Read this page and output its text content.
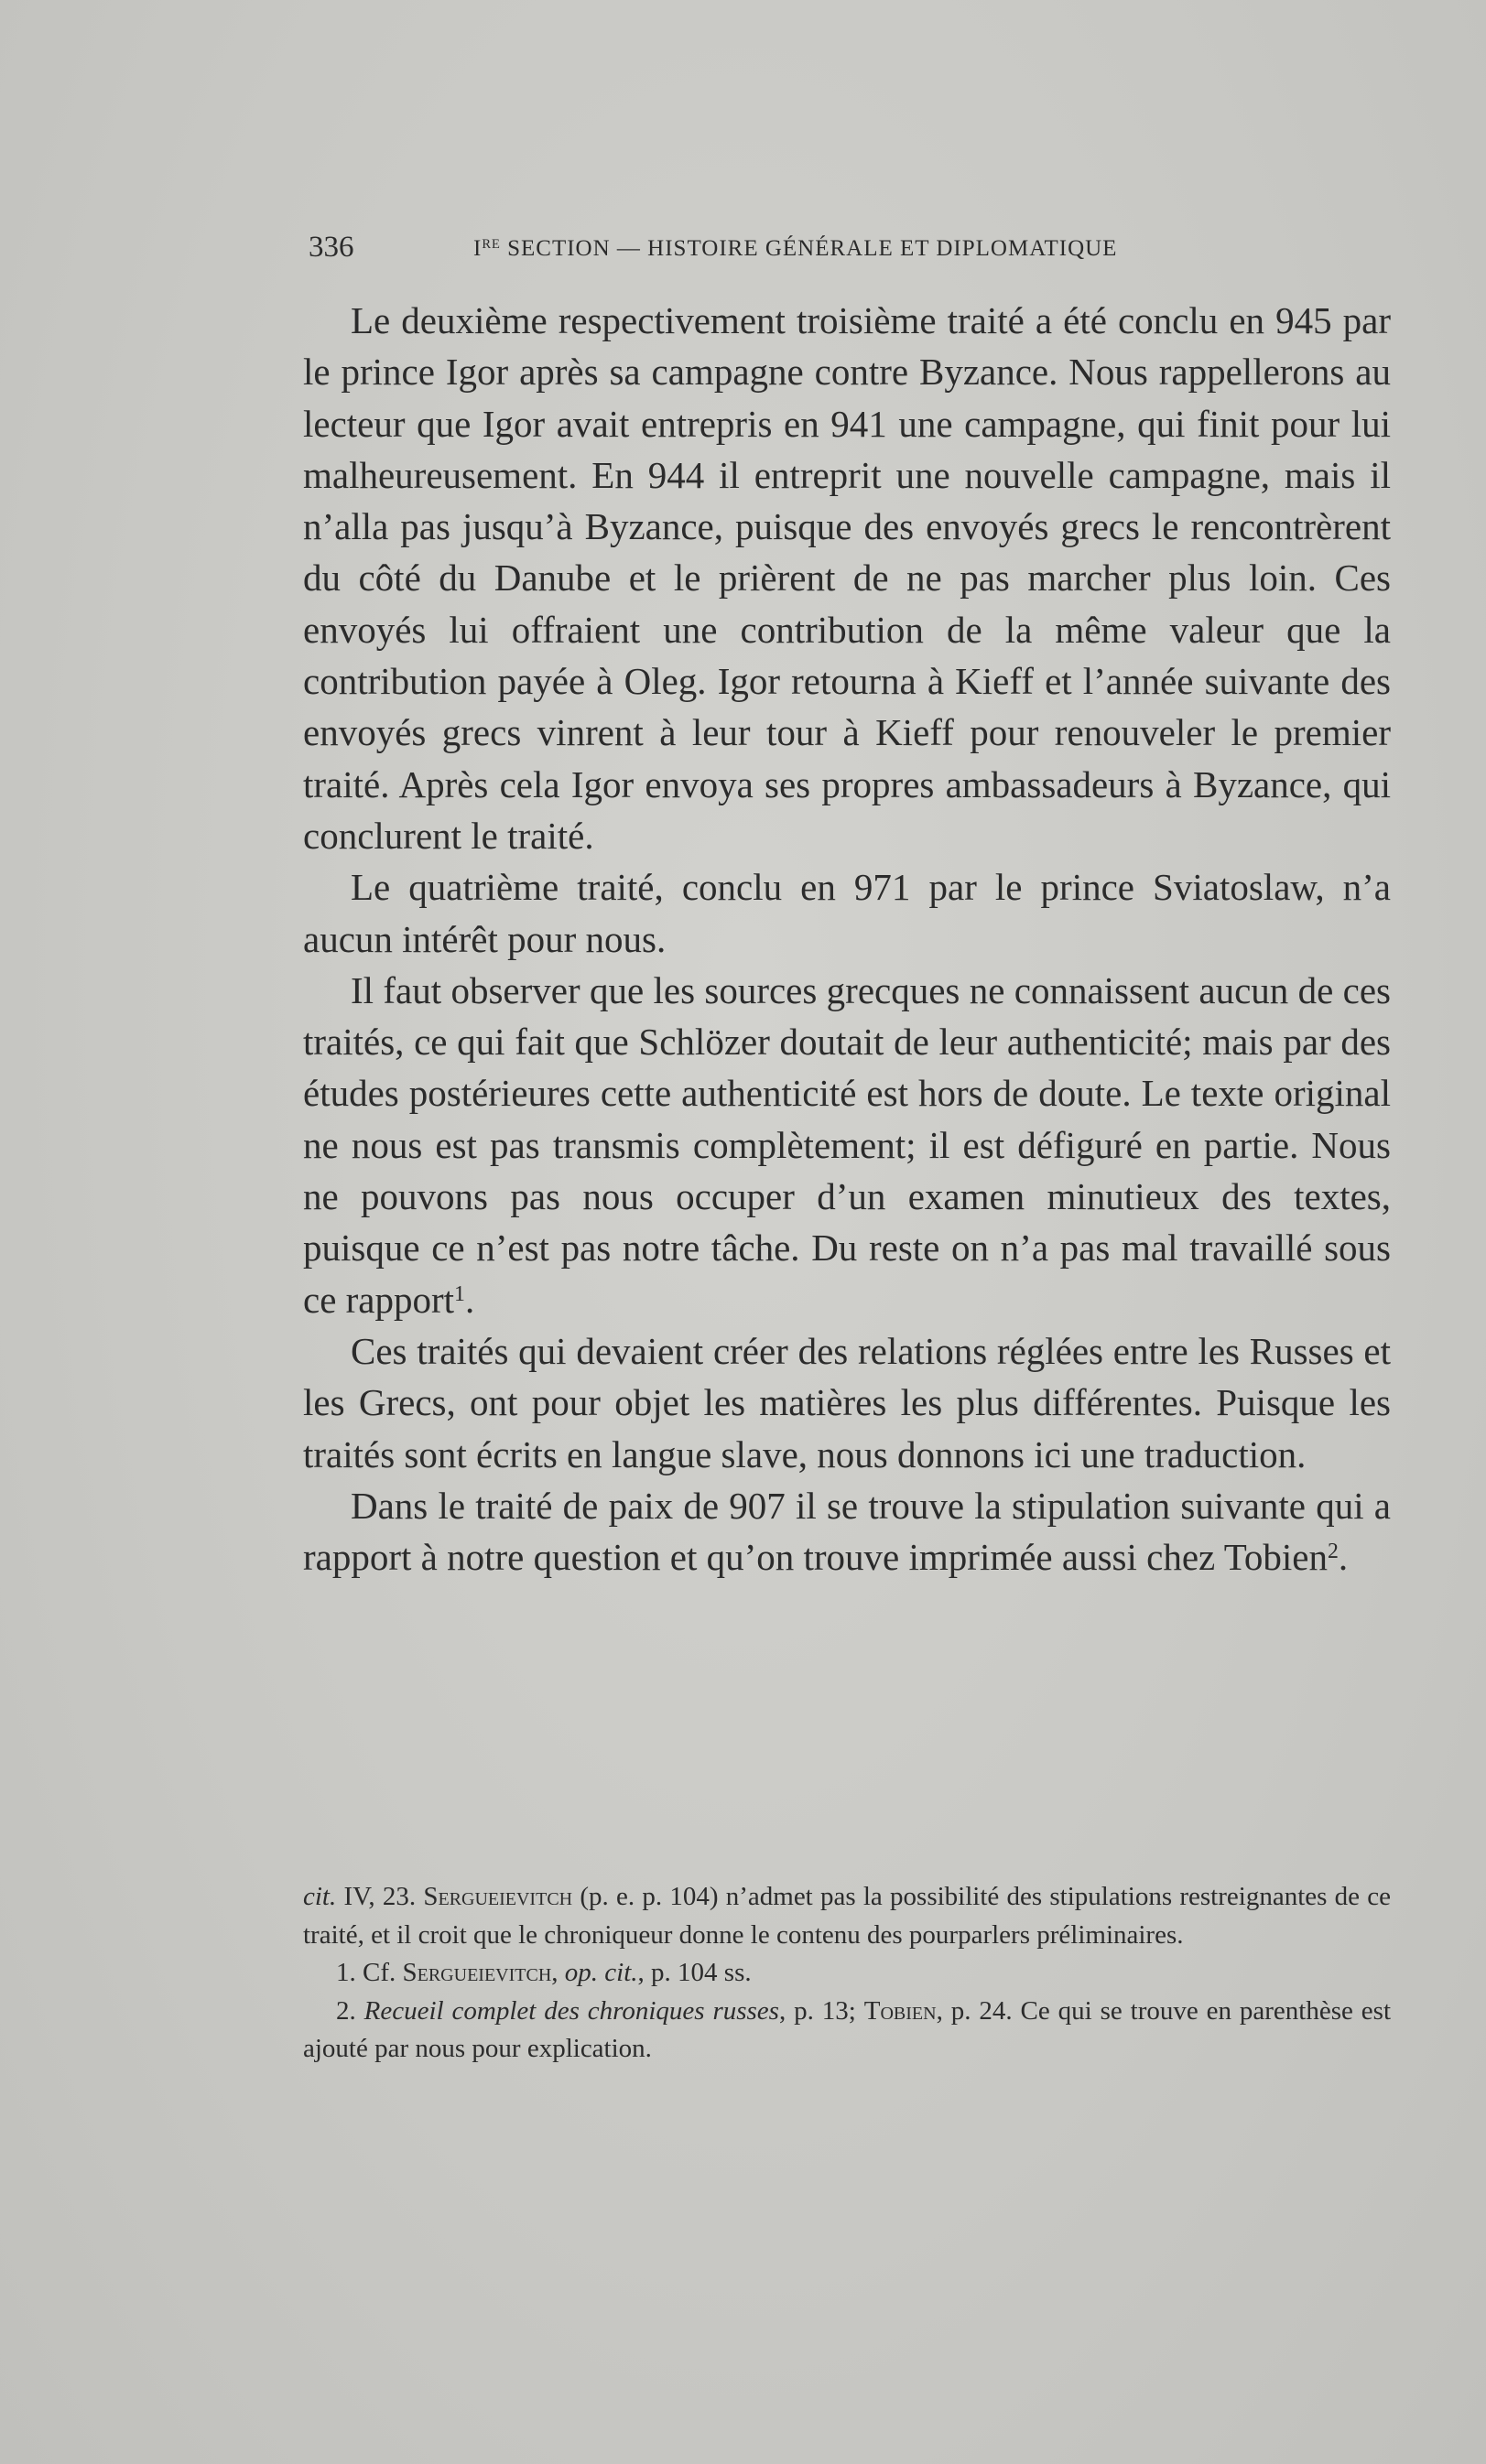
336	IRE SECTION — HISTOIRE GÉNÉRALE ET DIPLOMATIQUE

Le deuxième respectivement troisième traité a été conclu en 945 par le prince Igor après sa campagne contre Byzance. Nous rappellerons au lecteur que Igor avait entrepris en 941 une campagne, qui finit pour lui malheureusement. En 944 il entreprit une nouvelle campagne, mais il n’alla pas jusqu’à Byzance, puisque des envoyés grecs le rencontrèrent du côté du Danube et le prièrent de ne pas marcher plus loin. Ces envoyés lui offraient une contribution de la même valeur que la contribution payée à Oleg. Igor retourna à Kieff et l’année suivante des envoyés grecs vinrent à leur tour à Kieff pour renouveler le premier traité. Après cela Igor envoya ses propres ambassadeurs à Byzance, qui conclurent le traité.

Le quatrième traité, conclu en 971 par le prince Sviatoslaw, n’a aucun intérêt pour nous.

Il faut observer que les sources grecques ne connaissent aucun de ces traités, ce qui fait que Schlözer doutait de leur authenticité; mais par des études postérieures cette authenticité est hors de doute. Le texte original ne nous est pas transmis complètement; il est défiguré en partie. Nous ne pouvons pas nous occuper d’un examen minutieux des textes, puisque ce n’est pas notre tâche. Du reste on n’a pas mal travaillé sous ce rapport$^1$.

Ces traités qui devaient créer des relations réglées entre les Russes et les Grecs, ont pour objet les matières les plus différentes. Puisque les traités sont écrits en langue slave, nous donnons ici une traduction.

Dans le traité de paix de 907 il se trouve la stipulation suivante qui a rapport à notre question et qu’on trouve imprimée aussi chez Tobien$^2$.

cit. IV, 23. Sergueievitch (p. e. p. 104) n’admet pas la possibilité des stipulations restreignantes de ce traité, et il croit que le chroniqueur donne le contenu des pourparlers préliminaires.

1. Cf. Sergueievitch, op. cit., p. 104 ss.

2. Recueil complet des chroniques russes, p. 13; Tobien, p. 24. Ce qui se trouve en parenthèse est ajouté par nous pour explication.
